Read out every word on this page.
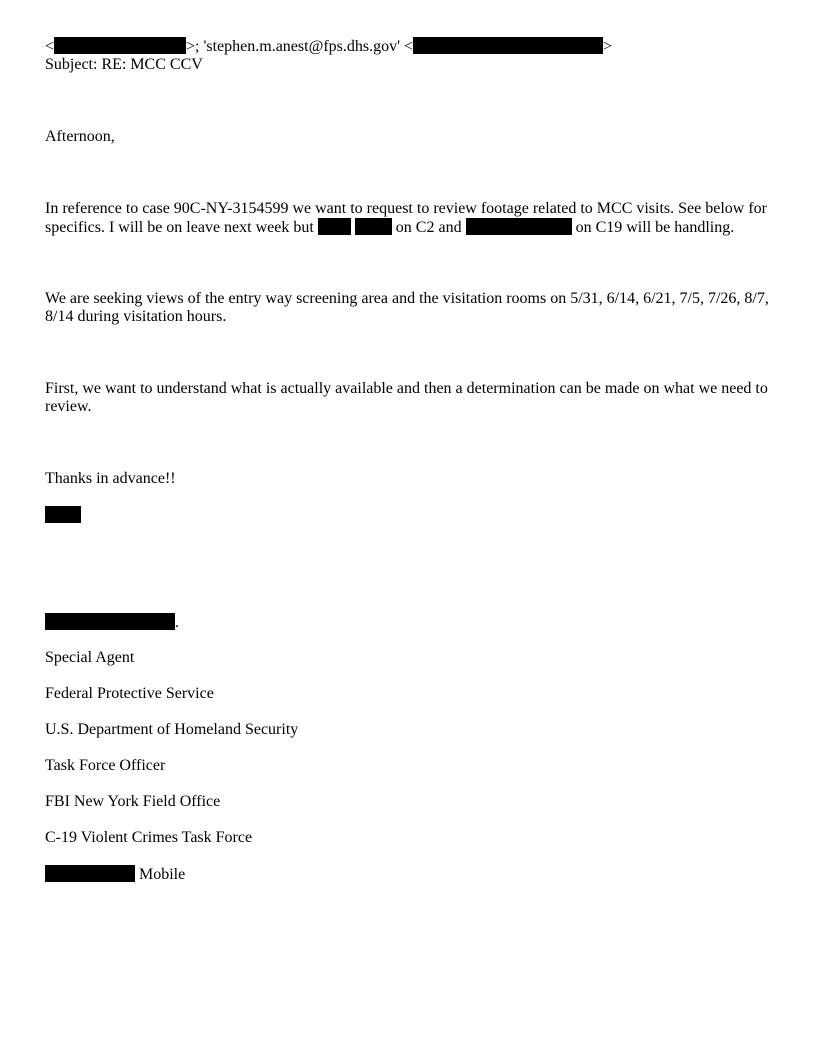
<	>; 'stephen.m.anest@fps.dhs.gov' <	>
Subject: RE: MCC CCV
Afternoon,
In reference to case 90C-NY-3154599 we want to request to review footage related to MCC visits. See below for specifics. I will be on leave next week but	on C2 and	on C19 will be handling.
We are seeking views of the entry way screening area and the visitation rooms on 5/31, 6/14, 6/21, 7/5, 7/26, 8/7, 8/14 during visitation hours.
First, we want to understand what is actually available and then a determination can be made on what we need to review.
Thanks in advance!!
.
Special Agent
Federal Protective Service
U.S. Department of Homeland Security
Task Force Officer
FBI New York Field Office
C-19 Violent Crimes Task Force
Mobile
